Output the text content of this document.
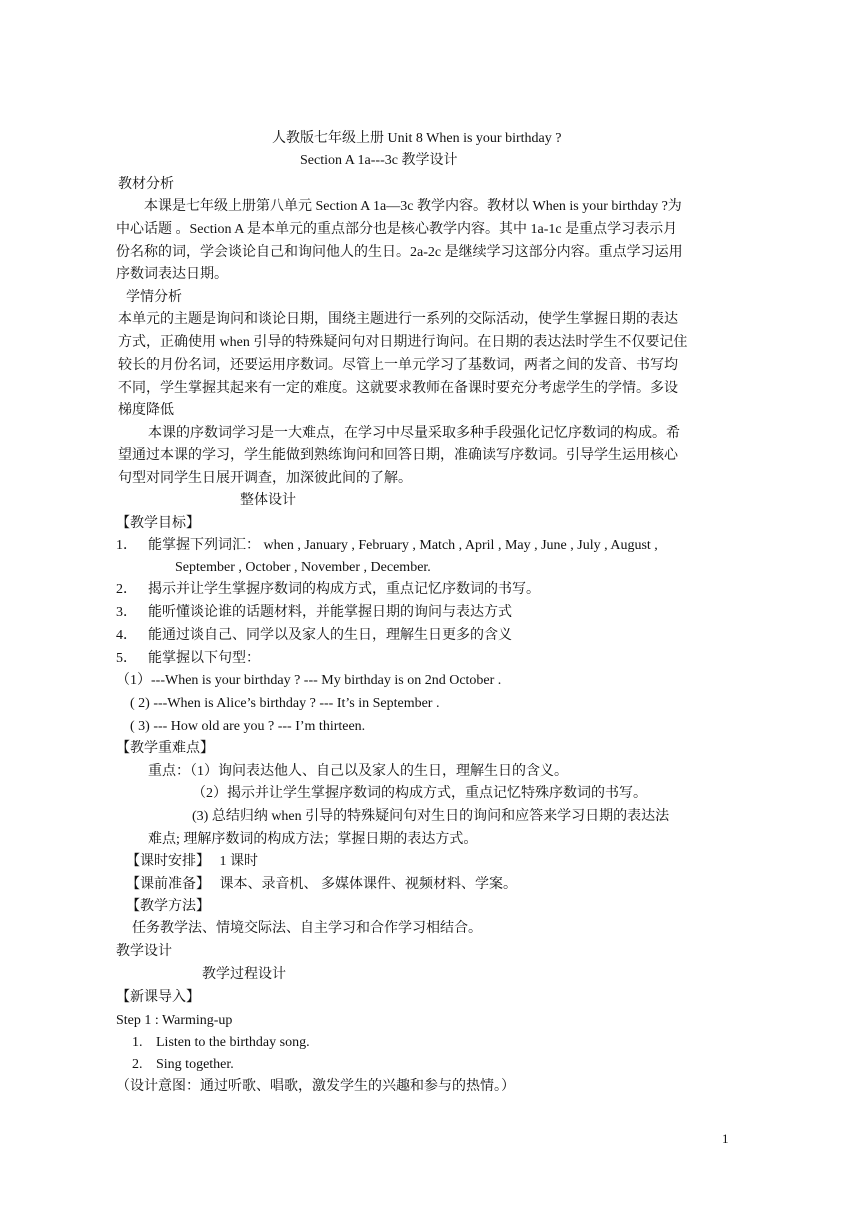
人教版七年级上册 Unit 8 When is your birthday ?
Section A 1a---3c 教学设计
教材分析
本课是七年级上册第八单元 Section A 1a—3c 教学内容。教材以 When is your birthday ?为
中心话题 。Section A 是本单元的重点部分也是核心教学内容。其中 1a-1c 是重点学习表示月
份名称的词，学会谈论自己和询问他人的生日。2a-2c 是继续学习这部分内容。重点学习运用
序数词表达日期。
学情分析
本单元的主题是询问和谈论日期，围绕主题进行一系列的交际活动，使学生掌握日期的表达
方式，正确使用 when 引导的特殊疑问句对日期进行询问。在日期的表达法时学生不仅要记住
较长的月份名词，还要运用序数词。尽管上一单元学习了基数词，两者之间的发音、书写均
不同，学生掌握其起来有一定的难度。这就要求教师在备课时要充分考虑学生的学情。多设
梯度降低
本课的序数词学习是一大难点，在学习中尽量采取多种手段强化记忆序数词的构成。希
望通过本课的学习，学生能做到熟练询问和回答日期，准确读写序数词。引导学生运用核心
句型对同学生日展开调查，加深彼此间的了解。
整体设计
【教学目标】
1． 能掌握下列词汇： when , January , February , Match , April , May , June , July , August ,
September , October , November , December.
2． 揭示并让学生掌握序数词的构成方式，重点记忆序数词的书写。
3． 能听懂谈论谁的话题材料，并能掌握日期的询问与表达方式
4． 能通过谈自己、同学以及家人的生日，理解生日更多的含义
5． 能掌握以下句型：
（1）---When is your birthday ? --- My birthday is on 2nd October .
( 2) ---When is Alice’s birthday ? --- It’s in September .
( 3) --- How old are you ? --- I’m thirteen.
【教学重难点】
重点：（1）询问表达他人、自己以及家人的生日，理解生日的含义。
（2）揭示并让学生掌握序数词的构成方式，重点记忆特殊序数词的书写。
(3) 总结归纳 when 引导的特殊疑问句对生日的询问和应答来学习日期的表达法
难点; 理解序数词的构成方法；掌握日期的表达方式。
【课时安排】 1 课时
【课前准备】 课本、录音机、 多媒体课件、视频材料、学案。
【教学方法】
任务教学法、情境交际法、自主学习和合作学习相结合。
教学设计
教学过程设计
【新课导入】
Step 1 : Warming-up
1. Listen to the birthday song.
2. Sing together.
（设计意图：通过听歌、唱歌，激发学生的兴趣和参与的热情。）
1
